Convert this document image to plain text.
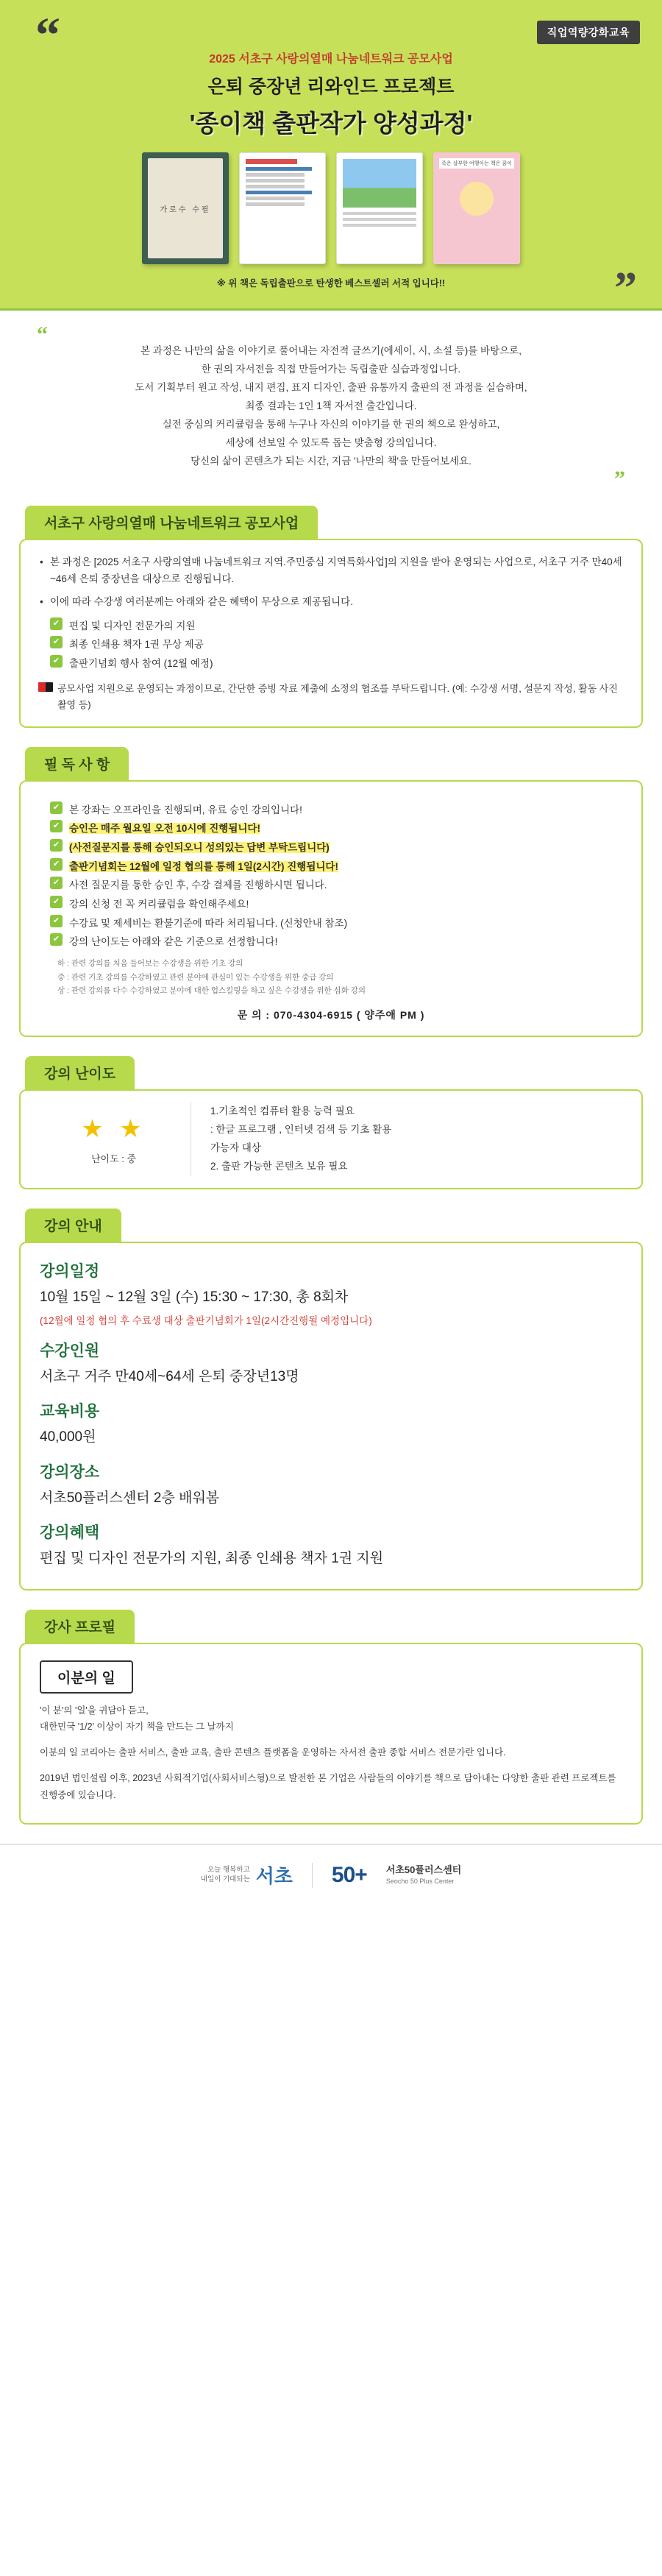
직업역량강화교육
“	2025 서초구 사랑의열매 나눔네트워크 공모사업
은퇴 중장년 리와인드 프로젝트
'종이책 출판작가 양성과정'
가로수 수필
죽은 살부한 여행이는 책은 꿈이
※ 위 책은 독립출판으로 탄생한 베스트셀러 서적 입니다!!	”
“

본 과정은 나만의 삶을 이야기로 풀어내는 자전적 글쓰기(에세이, 시, 소설 등)를 바탕으로,

한 권의 자서전을 직접 만들어가는 독립출판 실습과정입니다.

도서 기획부터 원고 작성, 내지 편집, 표지 디자인, 출판 유통까지 출판의 전 과정을 실습하며,

최종 결과는 1인 1책 자서전 출간입니다.

실전 중심의 커리큘럼을 통해 누구나 자신의 이야기를 한 권의 책으로 완성하고,

세상에 선보일 수 있도록 돕는 맞춤형 강의입니다.

당신의 삶이 콘텐츠가 되는 시간, 지금 '나만의 책'을 만들어보세요.

”
서초구 사랑의열매 나눔네트워크 공모사업
• 본 과정은 [2025 서초구 사랑의열매 나눔네트워크 지역.주민중심 지역특화사업]의 지원을 받아 운영되는 사업으로, 서초구 거주 만40세~46세 은퇴 중장년을 대상으로 진행됩니다.
• 이에 따라 수강생 여러분께는 아래와 같은 혜택이 무상으로 제공됩니다.
✔ 편집 및 디자인 전문가의 지원
✔ 최종 인쇄용 책자 1권 무상 제공
✔ 출판기념회 행사 참여 (12월 예정)
공모사업 지원으로 운영되는 과정이므로, 간단한 증빙 자료 제출에 소정의 협조를 부탁드립니다. (예: 수강생 서명, 설문지 작성, 활동 사진 촬영 등)
필 독 사 항
✔ 본 강좌는 오프라인을 진행되며, 유료 승인 강의입니다!
✔ 승인은 매주 월요일 오전 10시에 진행됩니다!
✔ (사전질문지를 통해 승인되오니 성의있는 답변 부탁드립니다)
✔ 출판기념회는 12월에 일정 협의를 통해 1일(2시간) 진행됩니다!
✔ 사전 질문지를 통한 승인 후, 수강 결제를 진행하시면 됩니다.
✔ 강의 신청 전 꼭 커리큘럼을 확인해주세요!
✔ 수강료 및 제세비는 환불기준에 따라 처리됩니다. (신청안내 참조)
✔ 강의 난이도는 아래와 같은 기준으로 선정합니다!
하 : 관련 강의를 처음 들어보는 수강생을 위한 기초 강의
중 : 관련 기초 강의를 수강하였고 관련 분야에 관심이 있는 수강생을 위한 중급 강의
상 : 관련 강의를 다수 수강하였고 분야에 대한 업스킬링을 하고 싶은 수강생을 위한 심화 강의
문 의 : 070-4304-6915 ( 양주애 PM )
강의 난이도
★ ★
난이도 : 중
1.기초적인 컴퓨터 활용 능력 필요
: 한글 프로그램 , 인터넷 검색 등 기초 활용
가능자 대상
2. 출판 가능한 콘텐츠 보유 필요
강의 안내
강의일정
10월 15일 ~ 12월 3일 (수) 15:30 ~ 17:30, 총 8회차
(12월에 일정 협의 후 수료생 대상 출판기념회가 1일(2시간진행될 예정입니다)
수강인원
서초구 거주 만40세~64세 은퇴 중장년13명
교육비용
40,000원
강의장소
서초50플러스센터 2층 배워봄
강의혜택
편집 및 디자인 전문가의 지원, 최종 인쇄용 책자 1권 지원
강사 프로필
이분의 일
'이 분'의 '일'을 귀담아 듣고,
대한민국 '1/2' 이상이 자기 책을 만드는 그 날까지
이분의 일 코리아는 출판 서비스, 출판 교육, 출판 콘텐츠 플랫폼을 운영하는 자서전 출판 종합 서비스 전문가란 입니다.
2019년 법인설립 이후, 2023년 사회적기업(사회서비스형)으로 발전한 본 기업은 사람들의 이야기를 책으로 담아내는 다양한 출판 관련 프로젝트를 진행중에 있습니다.
오늘 행복하고
내일이 기대되는 서초 50+ 서초50플러스센터
Seocho 50 Plus Center
